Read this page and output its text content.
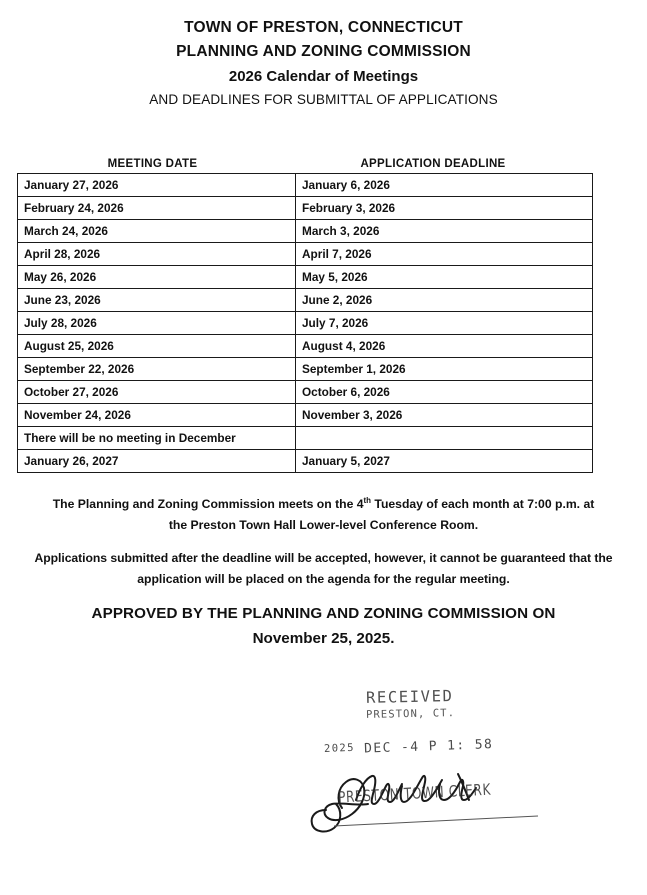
TOWN OF PRESTON, CONNECTICUT
PLANNING AND ZONING COMMISSION
2026 Calendar of Meetings
AND DEADLINES FOR SUBMITTAL OF APPLICATIONS
MEETING DATE	APPLICATION DEADLINE
January 27, 2026	January 6, 2026
February 24, 2026	February 3, 2026
March 24, 2026	March 3, 2026
April 28, 2026	April 7, 2026
May 26, 2026	May 5, 2026
June 23, 2026	June 2, 2026
July 28, 2026	July 7, 2026
August 25, 2026	August 4, 2026
September 22, 2026	September 1, 2026
October 27, 2026	October 6, 2026
November 24, 2026	November 3, 2026
There will be no meeting in December	
January 26, 2027	January 5, 2027
The Planning and Zoning Commission meets on the 4th Tuesday of each month at 7:00 p.m. at
the Preston Town Hall Lower-level Conference Room.
Applications submitted after the deadline will be accepted, however, it cannot be guaranteed that the
application will be placed on the agenda for the regular meeting.
APPROVED BY THE PLANNING AND ZONING COMMISSION ON
November 25, 2025.
RECEIVED
PRESTON, CT.
2025 DEC -4 P 1: 58
PRESTON TOWN CLERK
